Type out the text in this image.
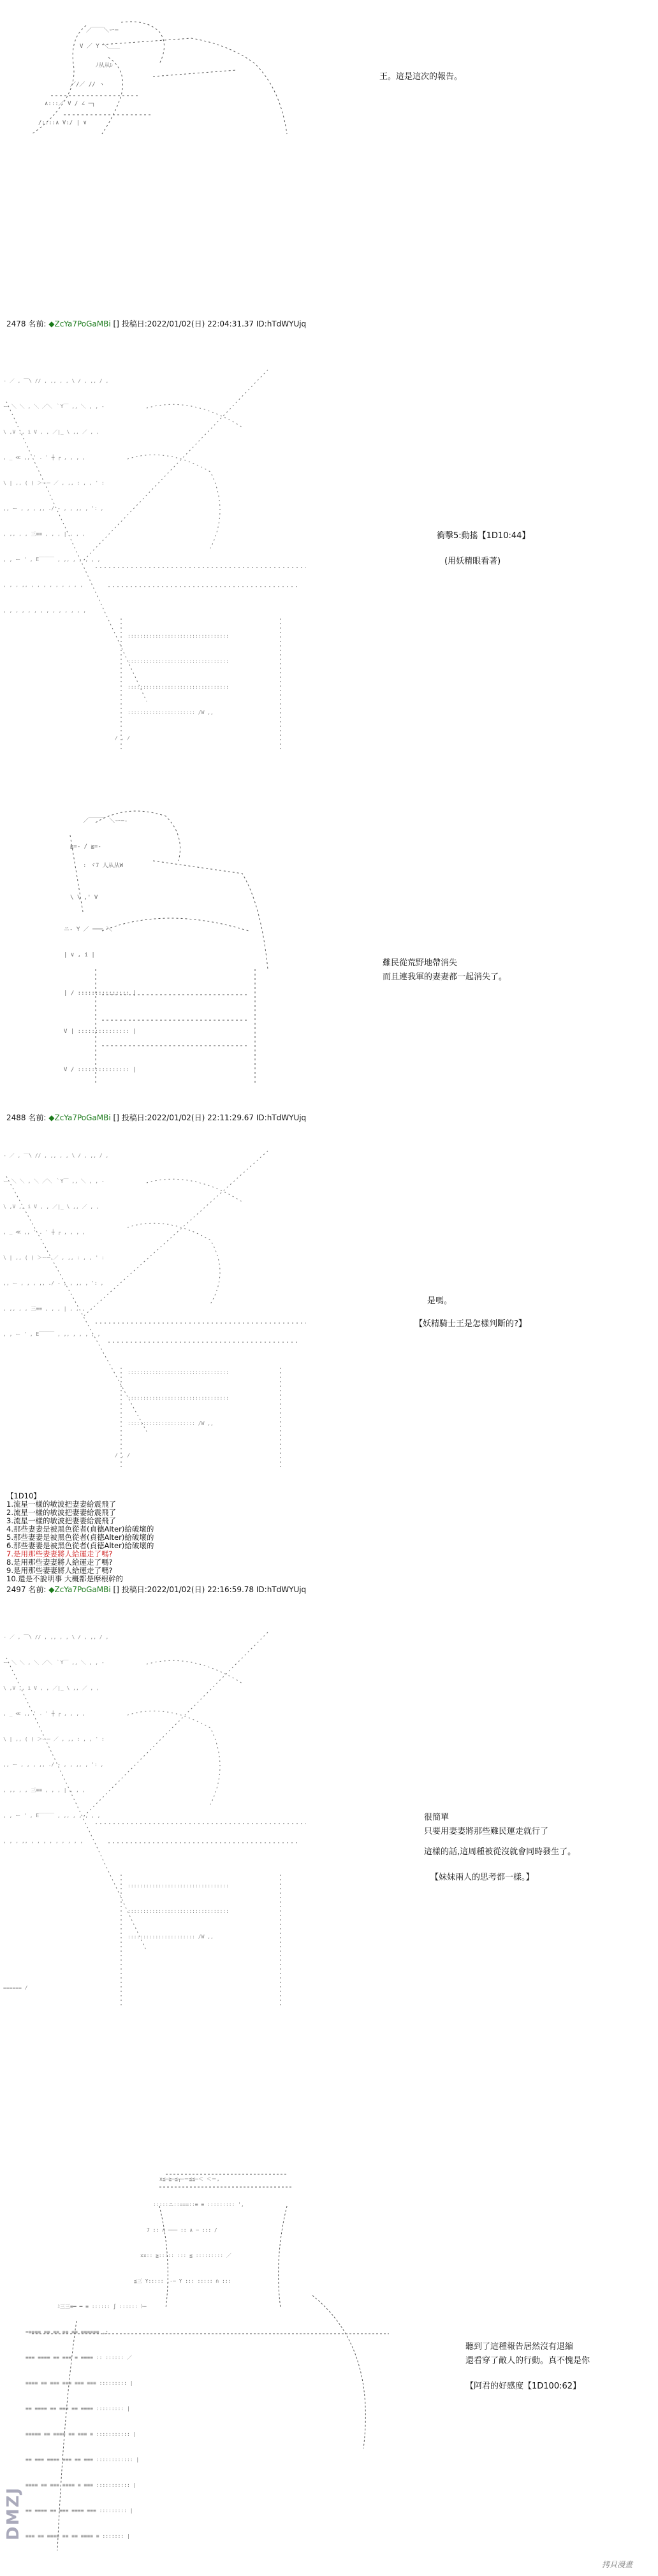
／￣￣＼ー─
V ／ Y ＼＿＿
ﾉ从从ﾚ
／/／ // ヽ
∧:::／ V / ∠ ─┐
/::::∧ V:/ | ∨
王。這是這次的報告。
2478 名前: ◆ZcYa7PoGaMBi [] 投稿日:2022/01/02(日) 22:04:31.37 ID:hTdWYUjq
- ／ , ￣\ // , ,, , , \ / , ,, / ,
ー ＼ ＼ , ＼ ／＼ ｀Y￣ ,, ＼ , , -
\ ,V ,, i V , , ／|_ \ ,, ／ , ,
, _ ≪ ,, ' . ' ┼ ┌ , , , ,
\ | ,, ( ( ＞ー─ ／ , ,, : , , ' :
,, ー , , , ,, ./ - , , ,, , ': ,
, ,, , , 三≡≡ , , , | , , ,
, , ー ' , E￣￣￣ , ,, , , , , ,
, , , ,, , , , , , , , , ,
, , , , , , , , , , , , , ,
:::::::::::::::::::::::::::::::::
:::::::::::::::::::::::::::::::::
:::::::::::::::::::::::::::::::::
:::::::::::::::::::::: /W ,,
/ , /
衝擊5:動搖【1D10:44】
(用妖精眼看著)
／￣￣￣ ＼ー─-
≧=- / ≧=-
: ヾ7 人从从W
\ \ ,' V
ニ- Y ／ ─── ＼
| ∨ , i |
| / ::::::::::::::: |
V | ::::::::::::::: |
V / ::::::::::::::: |
難民從荒野地帶消失
而且連我軍的妻妻都一起消失了。
2488 名前: ◆ZcYa7PoGaMBi [] 投稿日:2022/01/02(日) 22:11:29.67 ID:hTdWYUjq
- ／ , ￣\ // , ,, , , \ / , ,, / ,
ー ＼ ＼ , ＼ ／＼ ｀Y￣ ,, ＼ , , -
\ ,V ,, i V , , ／|_ \ ,, ／ , ,
, _ ≪ ,, ' . ' ┼ ┌ , , , ,
\ | ,, ( ( ＞ー─ ／ , ,, : , , ' :
,, ー , , , ,, ./ - , , ,, , ': ,
, ,, , , 三≡≡ , , , | , , ,
, , ー ' , E￣￣￣ , ,, , , , , ,
:::::::::::::::::::::::::::::::::
:::::::::::::::::::::::::::::::::
:::::::::::::::::::::: /W ,,
/ , /
是嗎。
【妖精騎士王是怎樣判斷的?】
【1D10】
1.流星一樣的敏波把妻妻給震飛了
2.流星一樣的敏波把妻妻給震飛了
3.流星一樣的敏波把妻妻給震飛了
4.那些妻妻是被黑色從者(貞德Alter)給破壞的
5.那些妻妻是被黑色從者(貞德Alter)給破壞的
6.那些妻妻是被黑色從者(貞德Alter)給破壞的
7.是用那些妻妻將人給運走了嗎?
8.是用那些妻妻將人給運走了嗎?
9.是用那些妻妻將人給運走了嗎?
10.還是不說明事 大概都是摩根幹的
2497 名前: ◆ZcYa7PoGaMBi [] 投稿日:2022/01/02(日) 22:16:59.78 ID:hTdWYUjq
- ／ , ￣\ // , ,, , , \ / , ,, / ,
ー ＼ ＼ , ＼ ／＼ ｀Y￣ ,, ＼ , , -
\ ,V ,, i V , , ／|_ \ ,, ／ , ,
, _ ≪ ,, ' . ' ┼ ┌ , , , ,
\ | ,, ( ( ＞ー─ ／ , ,, : , , ' :
,, ー , , , ,, ./ - , , ,, , ': ,
, ,, , , 三≡≡ , , , | , , ,
, , ー ' , E￣￣￣ , ,, , , , , ,
, , , ,, , , , , , , , , ,
:::::::::::::::::::::::::::::::::
:::::::::::::::::::::::::::::::::
:::::::::::::::::::::: /W ,,
====== /
很簡單
只要用妻妻將那些難民運走就行了
這樣的話,這周種被從沒就會同時發生了。
【妹妹兩人的思考都一樣。】
x≦─≧─≦┬─＝≦≦─＜ ＜＝,
:::::ニ::===::≡ ≡ ::::::::: ',
7 :: ∧ ─── :: ∧ ─ ::: /
xx:: ≧::::: ::: ≦ ::::::::: ／
≦三 Y::::: ,-─ Y ::: ::::: ∩ :::
ﾐ三三≡━ ━ ≡ :::::: ∫ :::::: ﾄ─
=≡≡≡≡ ≡≡ ≡≡ ≡≡ ≡≡ ≡≡≡≡≡≡ ,:
≡≡≡ ≡≡≡≡ ≡≡ ≡≡≡ ≡ ≡≡≡≡ :: :::::: ／
≡≡≡≡ ≡≡ ≡≡≡ ≡≡≡ ≡≡≡ ≡≡≡ ::::::::: |
≡≡ ≡≡≡≡ ≡≡ ≡≡≡ ≡≡ ≡≡≡≡ ::::::::: |
≡≡≡≡≡ ≡≡ ≡≡≡≡ ≡≡ ≡≡≡ ≡ ::::::::::: |
≡≡ ≡≡≡ ≡≡≡≡ ≡≡≡ ≡≡ ≡≡≡ :::::::::::: |
≡≡≡≡ ≡≡ ≡≡≡ ≡≡≡≡ ≡ ≡≡≡ ::::::::::: |
≡≡ ≡≡≡≡ ≡≡ ≡≡≡ ≡≡≡≡ ≡≡≡ ::::::::: |
≡≡≡ ≡≡ ≡≡≡≡ ≡≡ ≡≡ ≡≡≡≡ ≡ ::::::: |
聽到了這種報告居然沒有退縮
還看穿了敵人的行動。真不愧是你
【阿君的好感度【1D100:62】
DMZJ
拷貝漫畫
